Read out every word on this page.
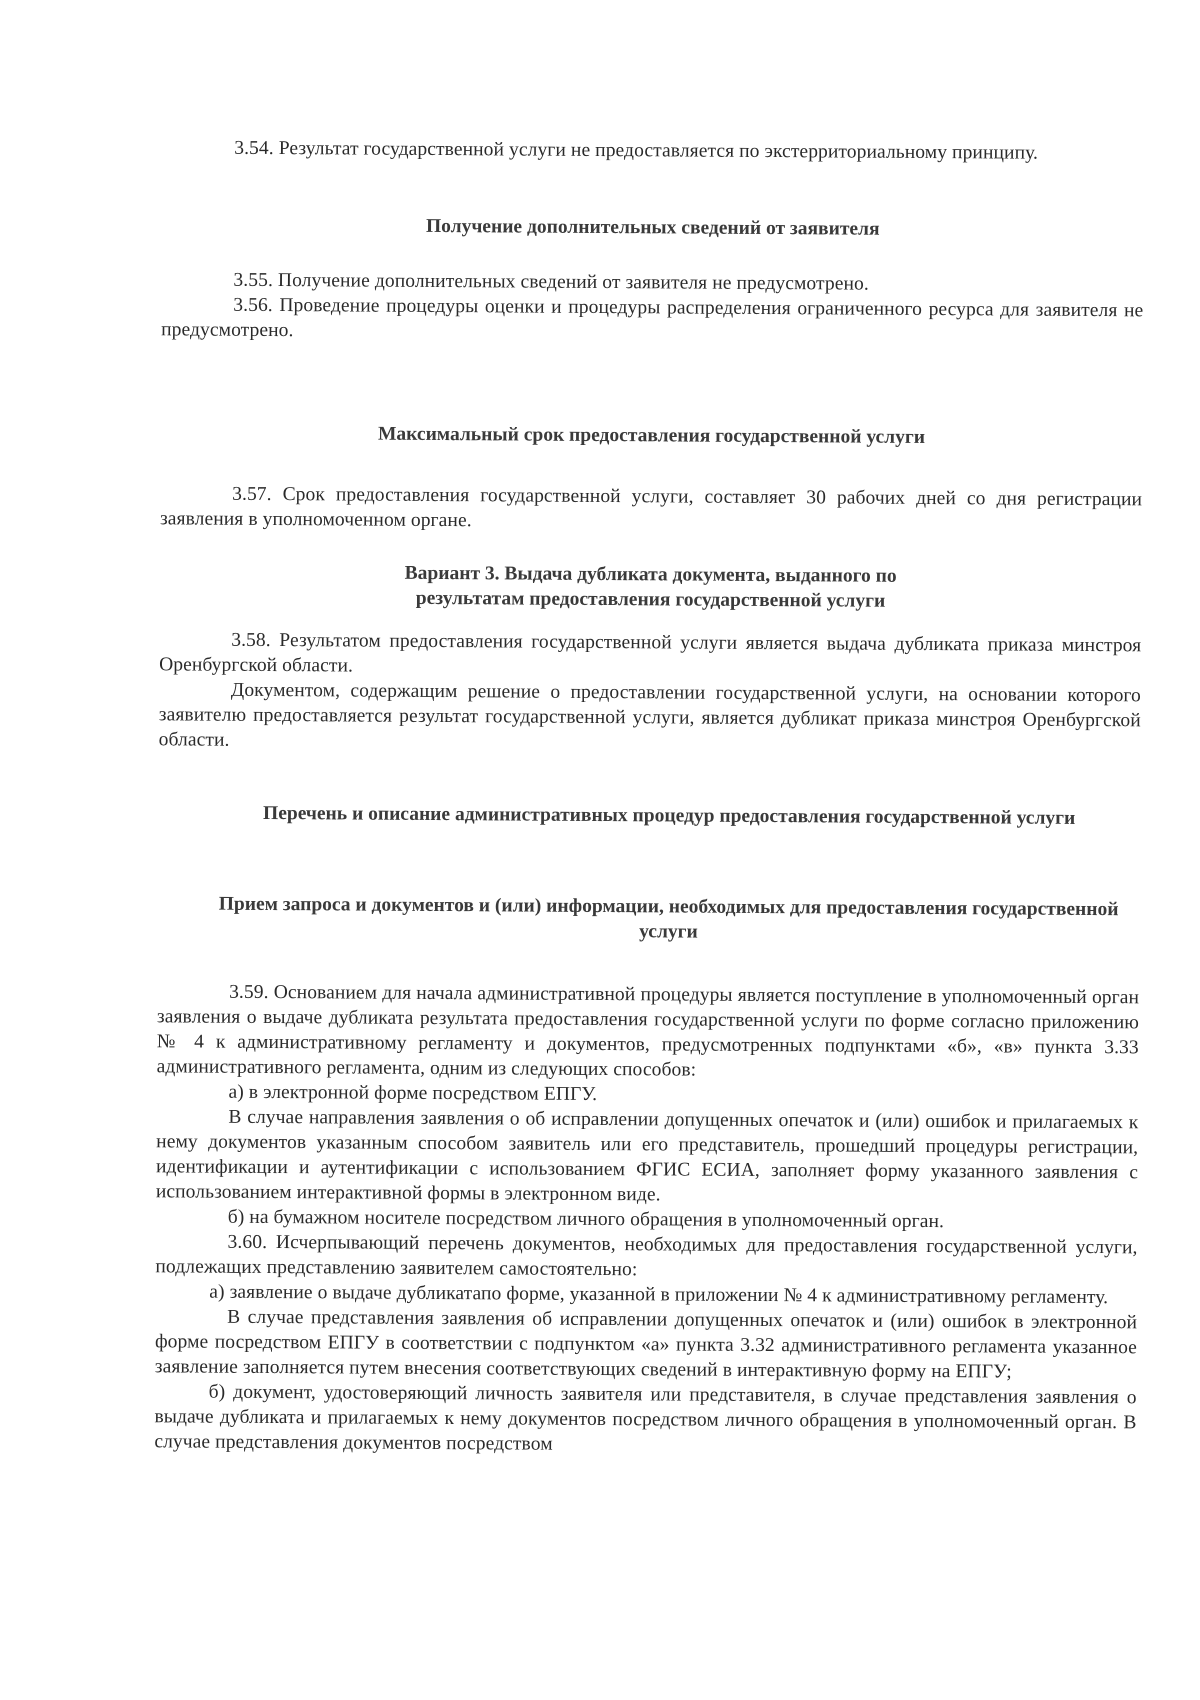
3.54. Результат государственной услуги не предоставляется по экстерриториальному принципу.

Получение дополнительных сведений от заявителя

3.55. Получение дополнительных сведений от заявителя не предусмотрено.

3.56. Проведение процедуры оценки и процедуры распределения ограниченного ресурса для заявителя не предусмотрено.

Максимальный срок предоставления государственной услуги

3.57. Срок предоставления государственной услуги, составляет 30 рабочих дней со дня регистрации заявления в уполномоченном органе.

Вариант 3. Выдача дубликата документа, выданного по
результатам предоставления государственной услуги

3.58. Результатом предоставления государственной услуги является выдача дубликата приказа минстроя Оренбургской области.

Документом, содержащим решение о предоставлении государственной услуги, на основании которого заявителю предоставляется результат государственной услуги, является дубликат приказа минстроя Оренбургской области.

Перечень и описание административных процедур предоставления государственной услуги
Прием запроса и документов и (или) информации, необходимых для предоставления государственной услуги

3.59. Основанием для начала административной процедуры является поступление в уполномоченный орган заявления о выдаче дубликата результата предоставления государственной услуги по форме согласно приложению № 4 к административному регламенту и документов, предусмотренных подпунктами «б», «в» пункта 3.33 административного регламента, одним из следующих способов:

а) в электронной форме посредством ЕПГУ.

В случае направления заявления о об исправлении допущенных опечаток и (или) ошибок и прилагаемых к нему документов указанным способом заявитель или его представитель, прошедший процедуры регистрации, идентификации и аутентификации с использованием ФГИС ЕСИА, заполняет форму указанного заявления с использованием интерактивной формы в электронном виде.

б) на бумажном носителе посредством личного обращения в уполномоченный орган.

3.60. Исчерпывающий перечень документов, необходимых для предоставления государственной услуги, подлежащих представлению заявителем самостоятельно:

а) заявление о выдаче дубликатапо форме, указанной в приложении № 4 к административному регламенту.

В случае представления заявления об исправлении допущенных опечаток и (или) ошибок в электронной форме посредством ЕПГУ в соответствии с подпунктом «а» пункта 3.32 административного регламента указанное заявление заполняется путем внесения соответствующих сведений в интерактивную форму на ЕПГУ;

б) документ, удостоверяющий личность заявителя или представителя, в случае представления заявления о выдаче дубликата и прилагаемых к нему документов посредством личного обращения в уполномоченный орган. В случае представления документов посредством
